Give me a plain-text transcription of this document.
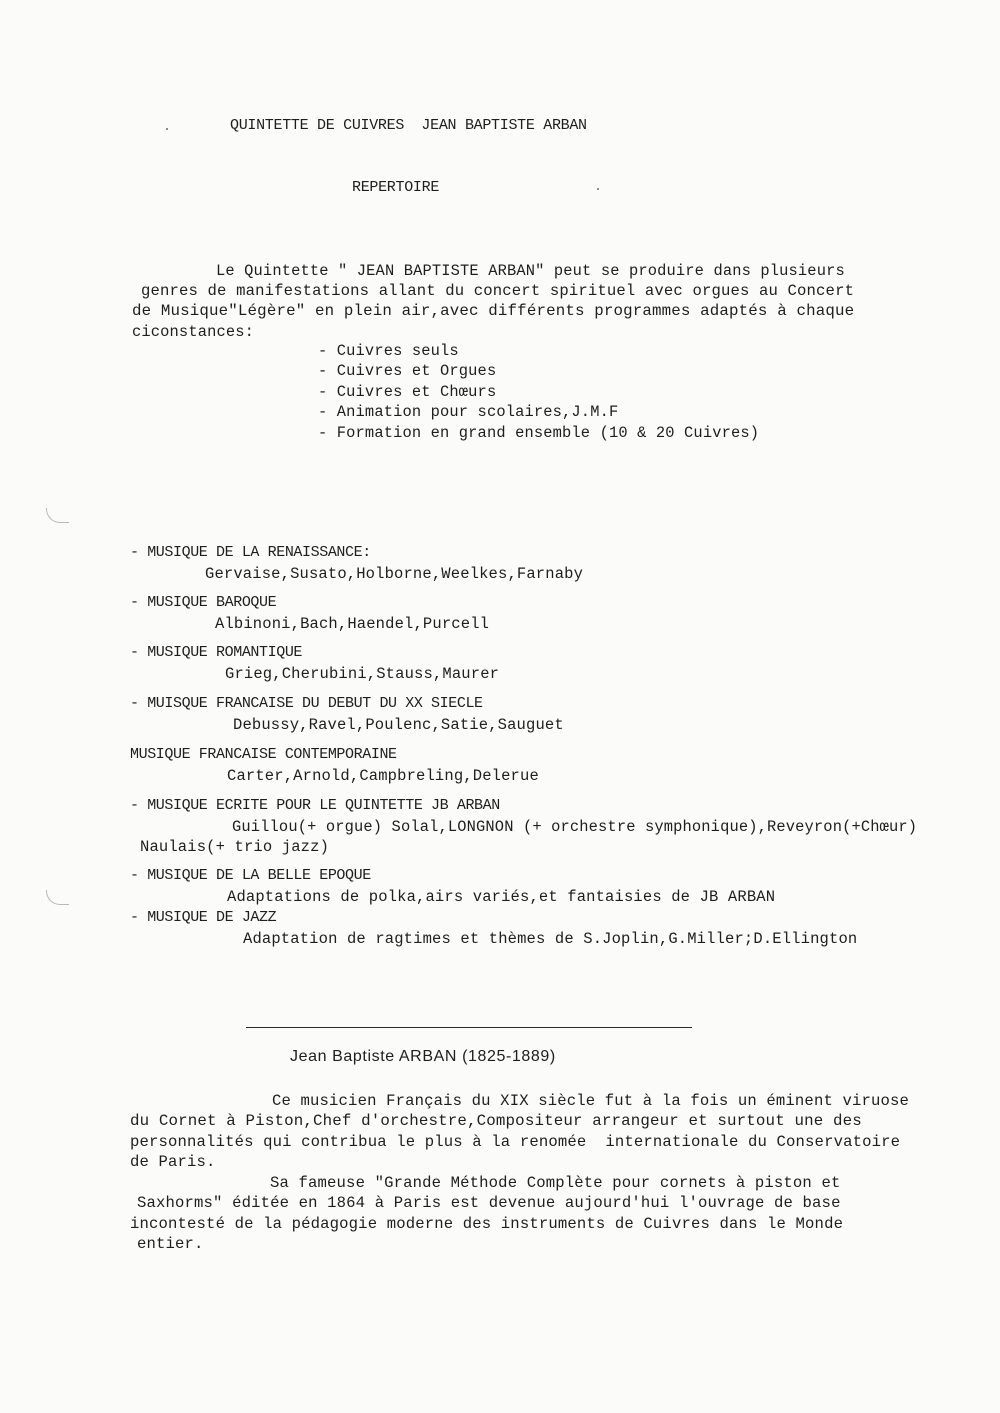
QUINTETTE DE CUIVRES  JEAN BAPTISTE ARBAN
REPERTOIRE
Le Quintette " JEAN BAPTISTE ARBAN" peut se produire dans plusieurs
genres de manifestations allant du concert spirituel avec orgues au Concert
de Musique"Légère" en plein air,avec différents programmes adaptés à chaque
ciconstances:
- Cuivres seuls
- Cuivres et Orgues
- Cuivres et Chœurs
- Animation pour scolaires,J.M.F
- Formation en grand ensemble (10 & 20 Cuivres)
- MUSIQUE DE LA RENAISSANCE:
Gervaise,Susato,Holborne,Weelkes,Farnaby
- MUSIQUE BAROQUE
Albinoni,Bach,Haendel,Purcell
- MUSIQUE ROMANTIQUE
Grieg,Cherubini,Stauss,Maurer
- MUISQUE FRANCAISE DU DEBUT DU XX SIECLE
Debussy,Ravel,Poulenc,Satie,Sauguet
MUSIQUE FRANCAISE CONTEMPORAINE
Carter,Arnold,Campbreling,Delerue
- MUSIQUE ECRITE POUR LE QUINTETTE JB ARBAN
Guillou(+ orgue) Solal,LONGNON (+ orchestre symphonique),Reveyron(+Chœur)
Naulais(+ trio jazz)
- MUSIQUE DE LA BELLE EPOQUE
Adaptations de polka,airs variés,et fantaisies de JB ARBAN
- MUSIQUE DE JAZZ
Adaptation de ragtimes et thèmes de S.Joplin,G.Miller;D.Ellington
Jean Baptiste ARBAN (1825-1889)
Ce musicien Français du XIX siècle fut à la fois un éminent viruose
du Cornet à Piston,Chef d'orchestre,Compositeur arrangeur et surtout une des
personnalités qui contribua le plus à la renomée  internationale du Conservatoire
de Paris.
Sa fameuse "Grande Méthode Complète pour cornets à piston et
Saxhorms" éditée en 1864 à Paris est devenue aujourd'hui l'ouvrage de base
incontesté de la pédagogie moderne des instruments de Cuivres dans le Monde
entier.
